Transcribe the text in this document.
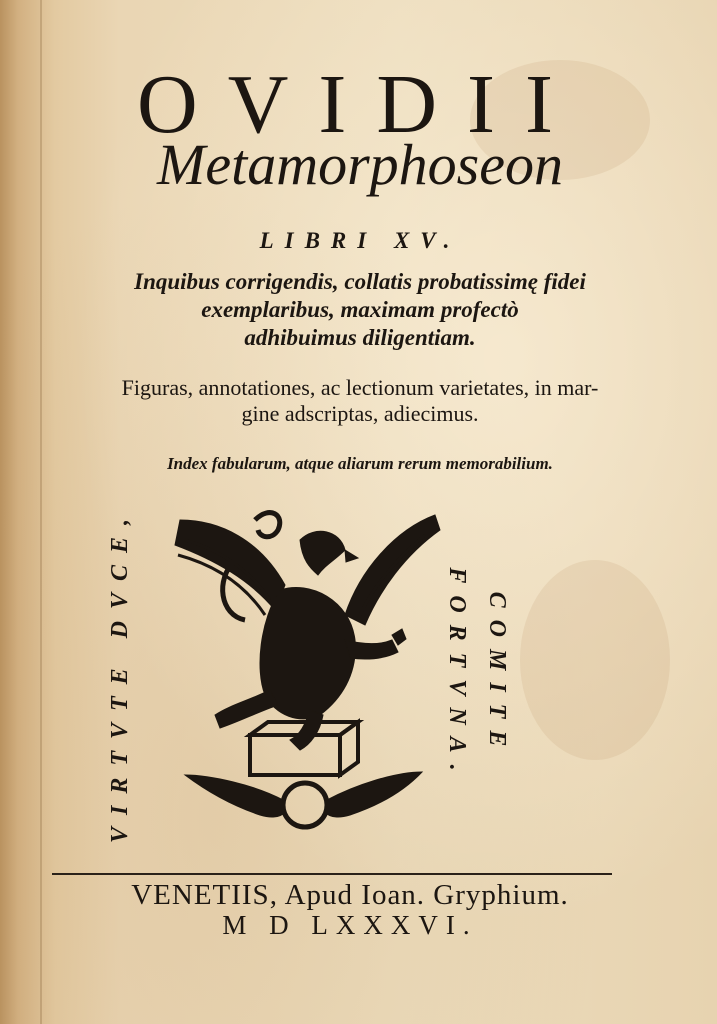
OVIDII
Metamorphoseon
LIBRI XV.
Inquibus corrigendis, collatis probatissimę fidei
exemplaribus, maximam profectò
adhibuimus diligentiam.
Figuras, annotationes, ac lectionum varietates, in mar-
gine adscriptas, adiecimus.
Index fabularum, atque aliarum rerum memorabilium.
VIRTVTE DVCE,	COMITE FORTVNA.
VENETIIS, Apud Ioan. Gryphium.
M D LXXXVI.
